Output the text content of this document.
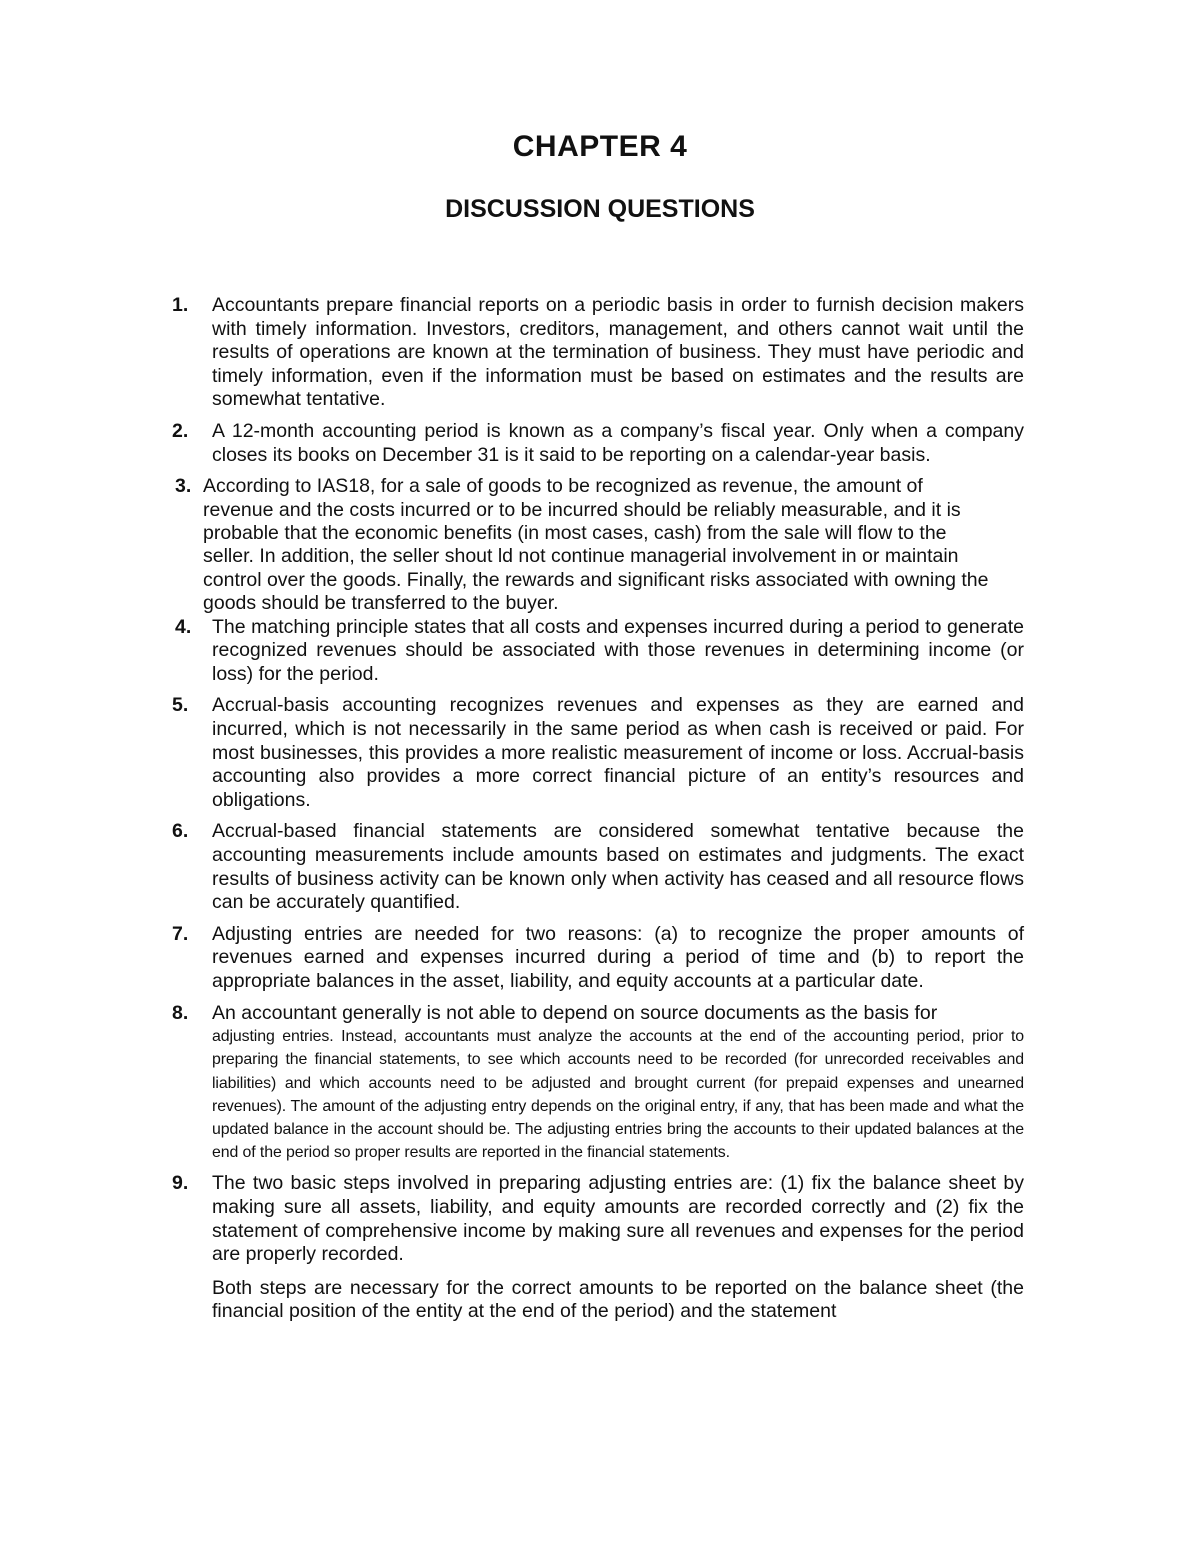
CHAPTER 4
DISCUSSION QUESTIONS
1. Accountants prepare financial reports on a periodic basis in order to furnish decision makers with timely information. Investors, creditors, management, and others cannot wait until the results of operations are known at the termination of business. They must have periodic and timely information, even if the information must be based on estimates and the results are somewhat tentative.
2. A 12-month accounting period is known as a company’s fiscal year. Only when a company closes its books on December 31 is it said to be reporting on a calendar-year basis.
3. According to IAS18, for a sale of goods to be recognized as revenue, the amount of revenue and the costs incurred or to be incurred should be reliably measurable, and it is probable that the economic benefits (in most cases, cash) from the sale will flow to the seller. In addition, the seller shout ld not continue managerial involvement in or maintain control over the goods. Finally, the rewards and significant risks associated with owning the goods should be transferred to the buyer.
4. The matching principle states that all costs and expenses incurred during a period to generate recognized revenues should be associated with those revenues in determining income (or loss) for the period.
5. Accrual-basis accounting recognizes revenues and expenses as they are earned and incurred, which is not necessarily in the same period as when cash is received or paid. For most businesses, this provides a more realistic measurement of income or loss. Accrual-basis accounting also provides a more correct financial picture of an entity’s resources and obligations.
6. Accrual-based financial statements are considered somewhat tentative because the accounting measurements include amounts based on estimates and judgments. The exact results of business activity can be known only when activity has ceased and all resource flows can be accurately quantified.
7. Adjusting entries are needed for two reasons: (a) to recognize the proper amounts of revenues earned and expenses incurred during a period of time and (b) to report the appropriate balances in the asset, liability, and equity accounts at a particular date.
8. An accountant generally is not able to depend on source documents as the basis for
adjusting entries. Instead, accountants must analyze the accounts at the end of the accounting period, prior to preparing the financial statements, to see which accounts need to be recorded (for unrecorded receivables and liabilities) and which accounts need to be adjusted and brought current (for prepaid expenses and unearned revenues). The amount of the adjusting entry depends on the original entry, if any, that has been made and what the updated balance in the account should be. The adjusting entries bring the accounts to their updated balances at the end of the period so proper results are reported in the financial statements.
9. The two basic steps involved in preparing adjusting entries are: (1) fix the balance sheet by making sure all assets, liability, and equity amounts are recorded correctly and (2) fix the statement of comprehensive income by making sure all revenues and expenses for the period are properly recorded.
Both steps are necessary for the correct amounts to be reported on the balance sheet (the financial position of the entity at the end of the period) and the statement
